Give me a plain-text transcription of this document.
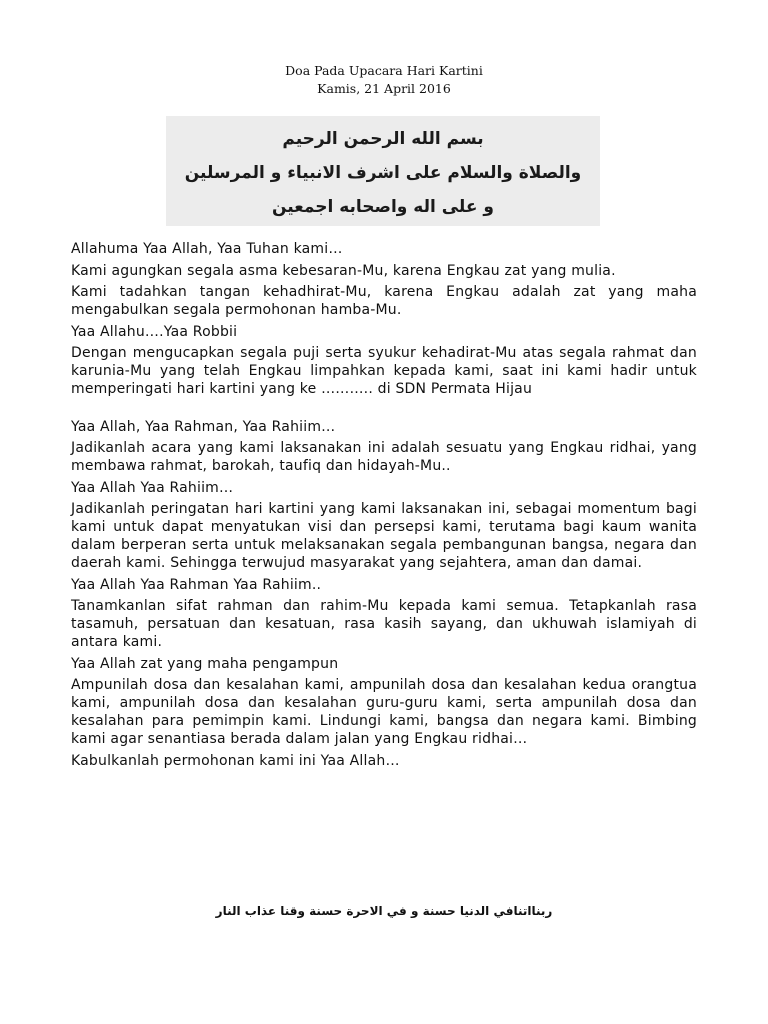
Doa Pada Upacara Hari Kartini
Kamis, 21 April 2016
بسم الله الرحمن الرحيم
والصلاة والسلام على اشرف الانبياء و المرسلين
و على اله واصحابه اجمعين

Allahuma Yaa Allah, Yaa Tuhan kami…

Kami agungkan segala asma kebesaran-Mu, karena Engkau zat yang mulia.

Kami tadahkan tangan kehadhirat-Mu, karena Engkau adalah zat yang maha mengabulkan segala permohonan hamba-Mu.

Yaa Allahu….Yaa Robbii

Dengan mengucapkan segala puji serta syukur kehadirat-Mu atas segala rahmat dan karunia-Mu yang telah Engkau limpahkan kepada kami, saat ini kami hadir untuk memperingati hari kartini yang ke ……….. di SDN Permata Hijau

Yaa Allah, Yaa Rahman, Yaa Rahiim…

Jadikanlah acara yang kami laksanakan ini adalah sesuatu yang Engkau ridhai, yang membawa rahmat, barokah, taufiq dan hidayah-Mu..

Yaa Allah Yaa Rahiim…

Jadikanlah peringatan hari kartini yang kami laksanakan ini, sebagai momentum bagi kami untuk dapat menyatukan visi dan persepsi kami, terutama bagi kaum wanita dalam berperan serta untuk melaksanakan segala pembangunan bangsa, negara dan daerah kami. Sehingga terwujud masyarakat yang sejahtera, aman dan damai.

Yaa Allah Yaa Rahman Yaa Rahiim..

Tanamkanlan sifat rahman dan rahim-Mu kepada kami semua. Tetapkanlah rasa tasamuh, persatuan dan kesatuan, rasa kasih sayang, dan ukhuwah islamiyah di antara kami.

Yaa Allah zat yang maha pengampun

Ampunilah dosa dan kesalahan kami, ampunilah dosa dan kesalahan kedua orangtua kami, ampunilah dosa dan kesalahan guru-guru kami, serta ampunilah dosa dan kesalahan para pemimpin kami. Lindungi kami, bangsa dan negara kami. Bimbing kami agar senantiasa berada dalam jalan yang Engkau ridhai…

Kabulkanlah permohonan kami ini Yaa Allah…

ربنااتنافي الدنيا حسنة و في الاحرة حسنة وقنا عذاب النار
